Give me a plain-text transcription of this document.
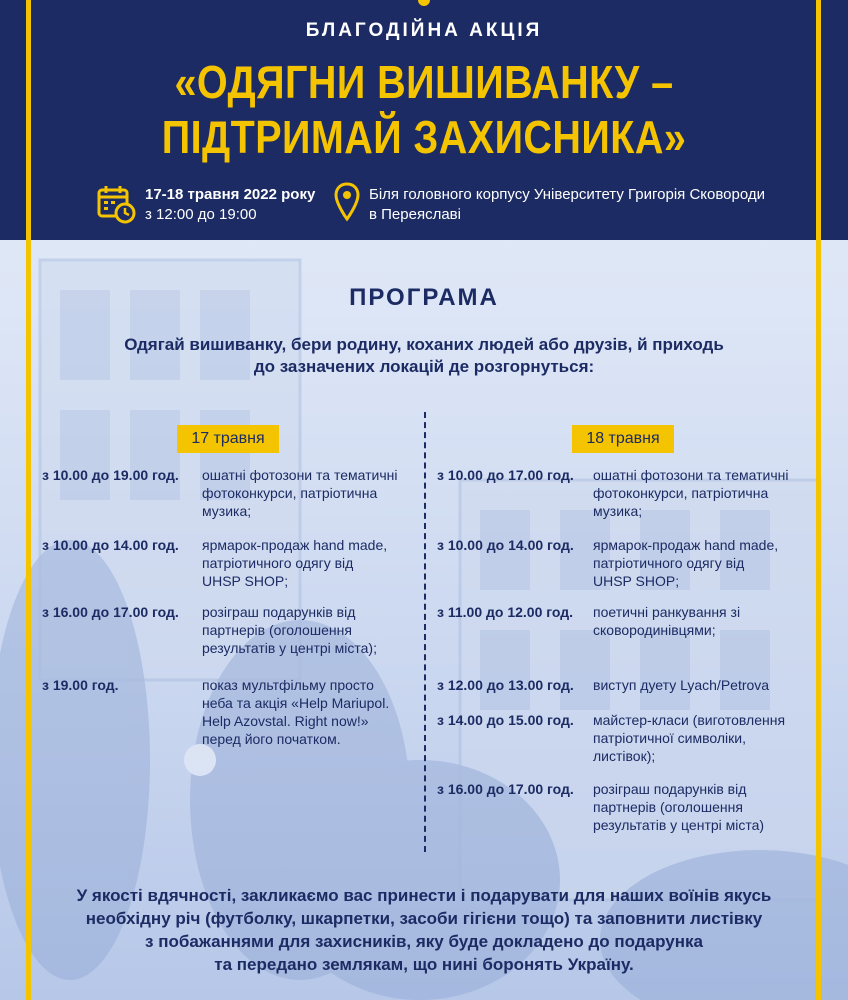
БЛАГОДІЙНА АКЦІЯ
«ОДЯГНИ ВИШИВАНКУ –
ПІДТРИМАЙ ЗАХИСНИКА»
17-18 травня 2022 року
з 12:00 до 19:00
Біля головного корпусу Університету Григорія Сковороди
в Переяславі
ПРОГРАМА
Одягай вишиванку, бери родину, коханих людей або друзів, й приходь
до зазначених локацій де розгорнуться:
17 травня	18 травня
з 10.00 до 19.00 год. ошатні фотозони та тематичні
фотоконкурси, патріотична
музика;
з 10.00 до 14.00 год. ярмарок-продаж hand made,
патріотичного одягу від
UHSP SHOP;
з 16.00 до 17.00 год. розіграш подарунків від
партнерів (оголошення
результатів у центрі міста);
з 19.00 год.	показ мультфільму просто
неба та акція «Help Mariupol.
Help Azovstal. Right now!»
перед його початком.
з 10.00 до 17.00 год. ошатні фотозони та тематичні
фотоконкурси, патріотична
музика;
з 10.00 до 14.00 год. ярмарок-продаж hand made,
патріотичного одягу від
UHSP SHOP;
з 11.00 до 12.00 год. поетичні ранкування зі
сковородинівцями;
з 12.00 до 13.00 год. виступ дуету Lyach/Petrova
з 14.00 до 15.00 год. майстер-класи (виготовлення
патріотичної символіки,
листівок);
з 16.00 до 17.00 год. розіграш подарунків від
партнерів (оголошення
результатів у центрі міста)
У якості вдячності, закликаємо вас принести і подарувати для наших воїнів якусь
необхідну річ (футболку, шкарпетки, засоби гігієни тощо) та заповнити листівку
з побажаннями для захисників, яку буде докладено до подарунка
та передано землякам, що нині боронять Україну.
